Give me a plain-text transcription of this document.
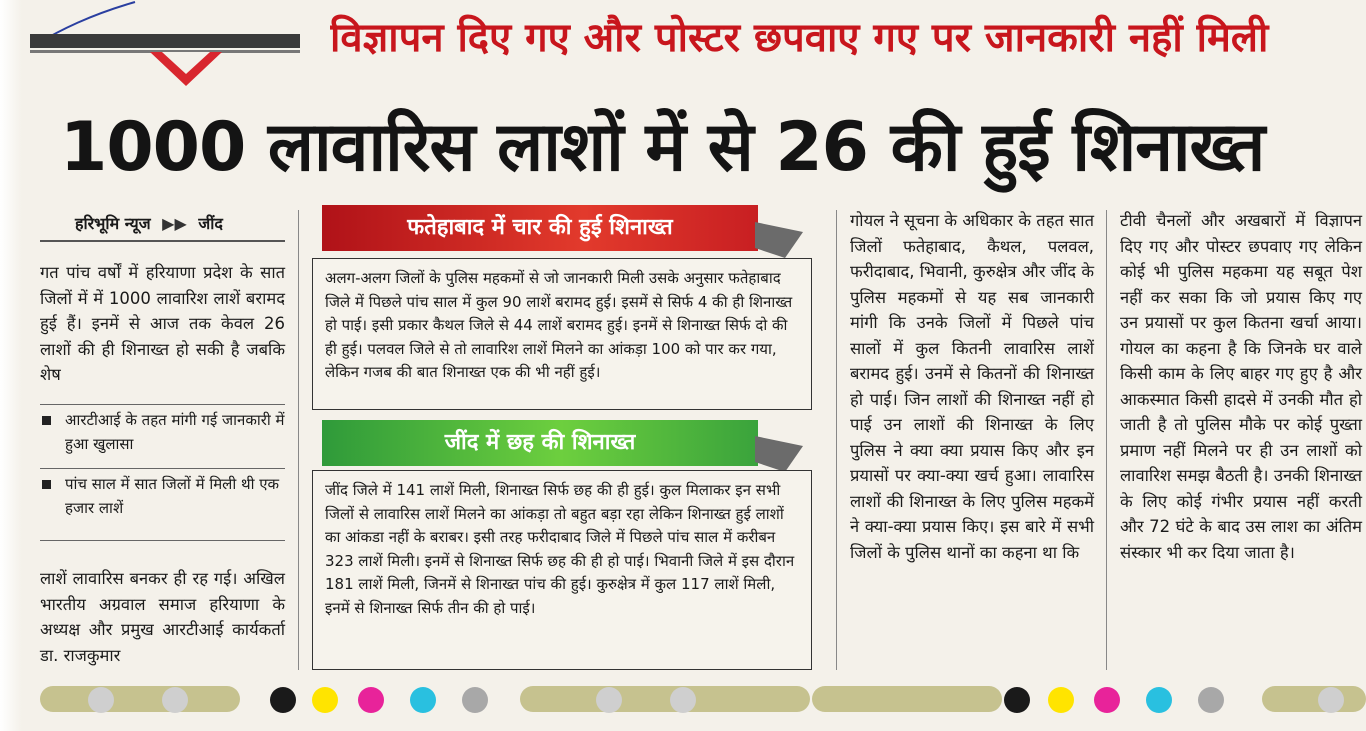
विज्ञापन दिए गए और पोस्टर छपवाए गए पर जानकारी नहीं मिली
1000 लावारिस लाशों में से 26 की हुई शिनाख्त
हरिभूमि न्यूज ▶▶ जींद

गत पांच वर्षों में हरियाणा प्रदेश के सात जिलों में में 1000 लावारिश लाशें बरामद हुई हैं। इनमें से आज तक केवल 26 लाशों की ही शिनाख्त हो सकी है जबकि शेष

आरटीआई के तहत मांगी गई जानकारी में हुआ खुलासा
पांच साल में सात जिलों में मिली थी एक हजार लाशें

लाशें लावारिस बनकर ही रह गई। अखिल भारतीय अग्रवाल समाज हरियाणा के अध्यक्ष और प्रमुख आरटीआई कार्यकर्ता डा. राजकुमार

फतेहाबाद में चार की हुई शिनाख्त
अलग-अलग जिलों के पुलिस महकमों से जो जानकारी मिली उसके अनुसार फतेहाबाद जिले में पिछले पांच साल में कुल 90 लाशें बरामद हुई। इसमें से सिर्फ 4 की ही शिनाख्त हो पाई। इसी प्रकार कैथल जिले से 44 लाशें बरामद हुई। इनमें से शिनाख्त सिर्फ दो की ही हुई। पलवल जिले से तो लावारिश लाशें मिलने का आंकड़ा 100 को पार कर गया, लेकिन गजब की बात शिनाख्त एक की भी नहीं हुई।
जींद में छह की शिनाख्त
जींद जिले में 141 लाशें मिली, शिनाख्त सिर्फ छह की ही हुई। कुल मिलाकर इन सभी जिलों से लावारिस लाशें मिलने का आंकड़ा तो बहुत बड़ा रहा लेकिन शिनाख्त हुई लाशों का आंकडा नहीं के बराबर। इसी तरह फरीदाबाद जिले में पिछले पांच साल में करीबन 323 लाशें मिली। इनमें से शिनाख्त सिर्फ छह की ही हो पाई। भिवानी जिले में इस दौरान 181 लाशें मिली, जिनमें से शिनाख्त पांच की हुई। कुरुक्षेत्र में कुल 117 लाशें मिली, इनमें से शिनाख्त सिर्फ तीन की हो पाई।

गोयल ने सूचना के अधिकार के तहत सात जिलों फतेहाबाद, कैथल, पलवल, फरीदाबाद, भिवानी, कुरुक्षेत्र और जींद के पुलिस महकमों से यह सब जानकारी मांगी कि उनके जिलों में पिछले पांच सालों में कुल कितनी लावारिस लाशें बरामद हुई। उनमें से कितनों की शिनाख्त हो पाई। जिन लाशों की शिनाख्त नहीं हो पाई उन लाशों की शिनाख्त के लिए पुलिस ने क्या क्या प्रयास किए और इन प्रयासों पर क्या-क्या खर्च हुआ। लावारिस लाशों की शिनाख्त के लिए पुलिस महकमें ने क्या-क्या प्रयास किए। इस बारे में सभी जिलों के पुलिस थानों का कहना था कि

टीवी चैनलों और अखबारों में विज्ञापन दिए गए और पोस्टर छपवाए गए लेकिन कोई भी पुलिस महकमा यह सबूत पेश नहीं कर सका कि जो प्रयास किए गए उन प्रयासों पर कुल कितना खर्चा आया। गोयल का कहना है कि जिनके घर वाले किसी काम के लिए बाहर गए हुए है और आकस्मात किसी हादसे में उनकी मौत हो जाती है तो पुलिस मौके पर कोई पुख्ता प्रमाण नहीं मिलने पर ही उन लाशों को लावारिश समझ बैठती है। उनकी शिनाख्त के लिए कोई गंभीर प्रयास नहीं करती और 72 घंटे के बाद उस लाश का अंतिम संस्कार भी कर दिया जाता है।
